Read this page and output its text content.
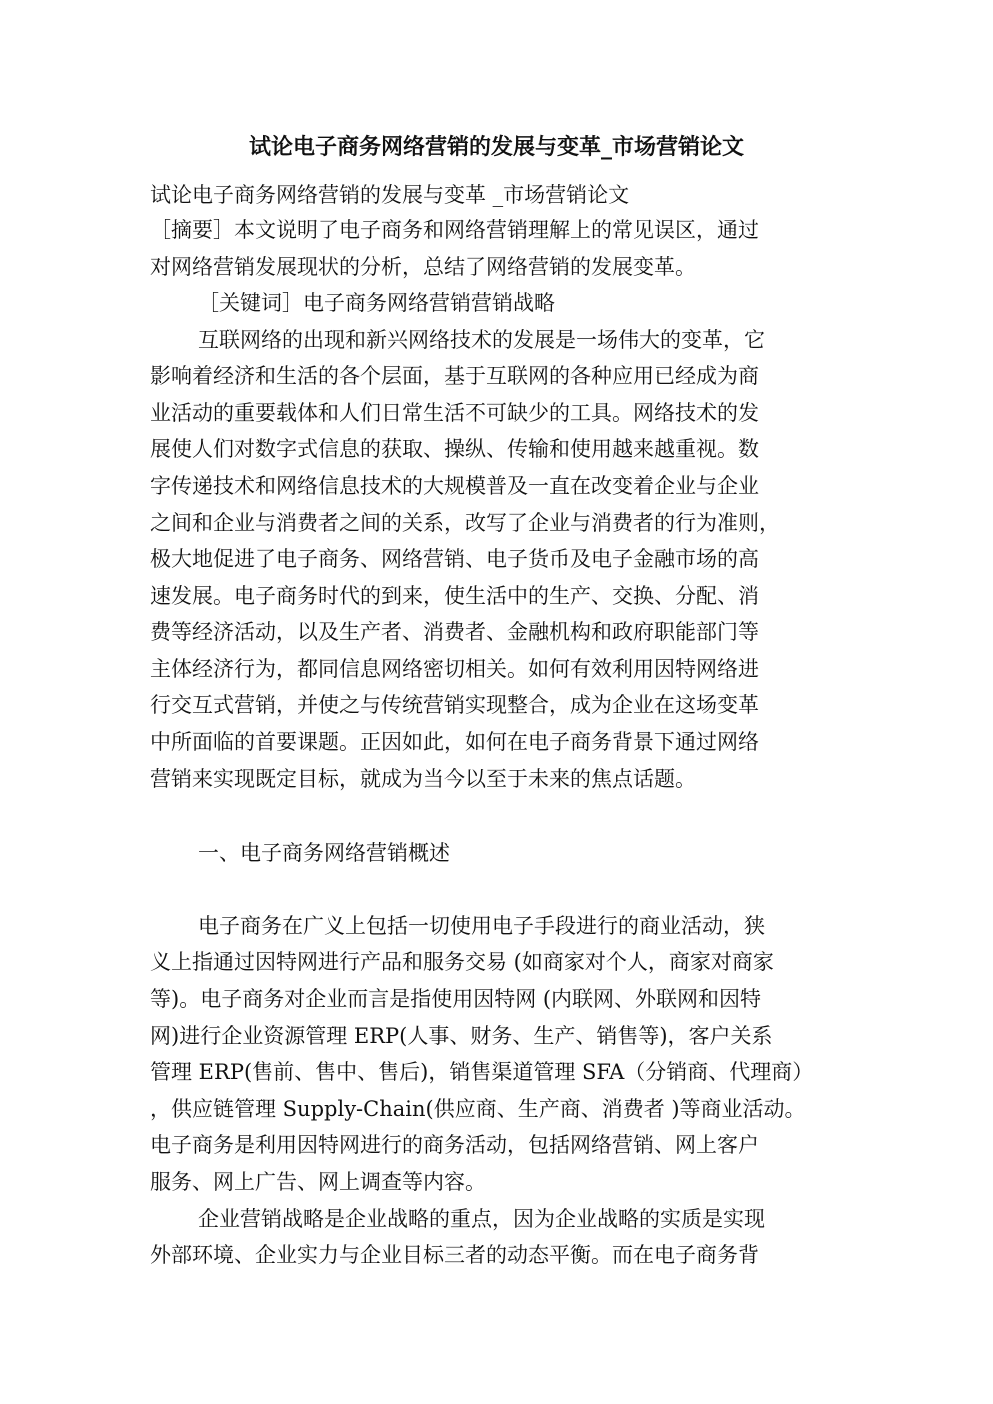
试论电子商务网络营销的发展与变革_市场营销论文
试论电子商务网络营销的发展与变革 _市场营销论文
［摘要］本文说明了电子商务和网络营销理解上的常见误区，通过
对网络营销发展现状的分析，总结了网络营销的发展变革。
［关键词］电子商务网络营销营销战略
互联网络的出现和新兴网络技术的发展是一场伟大的变革，它
影响着经济和生活的各个层面，基于互联网的各种应用已经成为商
业活动的重要载体和人们日常生活不可缺少的工具。网络技术的发
展使人们对数字式信息的获取、操纵、传输和使用越来越重视。数
字传递技术和网络信息技术的大规模普及一直在改变着企业与企业
之间和企业与消费者之间的关系，改写了企业与消费者的行为准则，
极大地促进了电子商务、网络营销、电子货币及电子金融市场的高
速发展。电子商务时代的到来，使生活中的生产、交换、分配、消
费等经济活动，以及生产者、消费者、金融机构和政府职能部门等
主体经济行为，都同信息网络密切相关。如何有效利用因特网络进
行交互式营销，并使之与传统营销实现整合，成为企业在这场变革
中所面临的首要课题。正因如此，如何在电子商务背景下通过网络
营销来实现既定目标，就成为当今以至于未来的焦点话题。
一、电子商务网络营销概述
电子商务在广义上包括一切使用电子手段进行的商业活动，狭
义上指通过因特网进行产品和服务交易 (如商家对个人，商家对商家
等)。电子商务对企业而言是指使用因特网 (内联网、外联网和因特
网)进行企业资源管理 ERP(人事、财务、生产、销售等)，客户关系
管理 ERP(售前、售中、售后)，销售渠道管理 SFA（分销商、代理商）
，供应链管理 Supply-Chain(供应商、生产商、消费者 )等商业活动。
电子商务是利用因特网进行的商务活动，包括网络营销、网上客户
服务、网上广告、网上调查等内容。
企业营销战略是企业战略的重点，因为企业战略的实质是实现
外部环境、企业实力与企业目标三者的动态平衡。而在电子商务背
